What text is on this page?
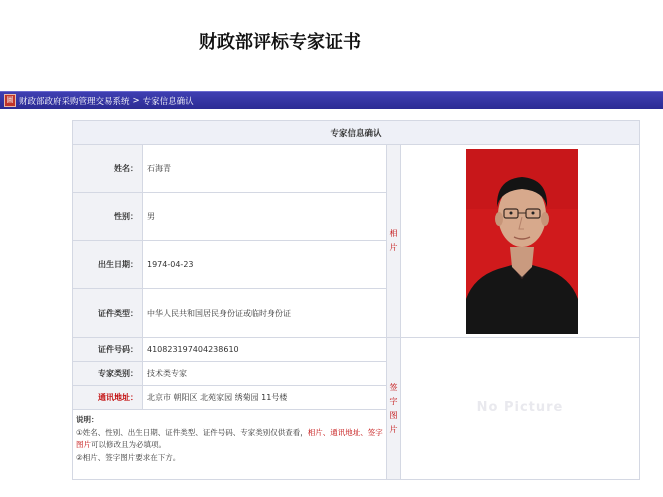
财政部评标专家证书
圖 财政部政府采购管理交易系统 > 专家信息确认
专家信息确认
姓名：	石海青
性别：	男
出生日期：	1974-04-23
证件类型：	中华人民共和国居民身份证或临时身份证
证件号码：	410823197404238610
专家类别：	技术类专家
通讯地址：	北京市 朝阳区 北苑家园 绣菊园 11号楼
说明：
①姓名、性别、出生日期、证件类型、证件号码、专家类别仅供查看，相片、通讯地址、签字图片可以修改且为必填项。
②相片、签字图片要求在下方。
相
片
签
字
图
片
No Picture
